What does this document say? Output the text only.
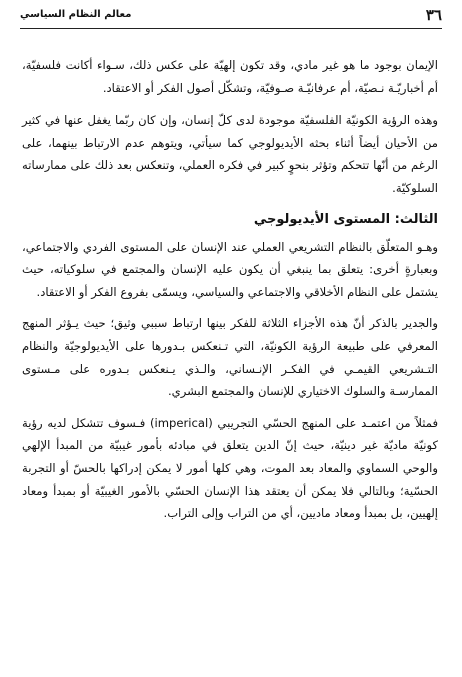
٣٦
معالم النظام السياسي

الإيمان بوجود ما هو غير مادي، وقد تكون إلهيّة على عكس ذلك، سـواء أكانت فلسفيّة، أم أخباريّـة نـصيّة، أم عرفانيّـة صـوفيّة، وتشكّل أصول الفكر أو الاعتقاد.

وهذه الرؤية الكونيّة الفلسفيّة موجودة لدى كلّ إنسان، وإن كان ربّما يغفل عنها في كثير من الأحيان أيضاً أثناء بحثه الأيديولوجي كما سيأتي، ويتوهم عدم الارتباط بينهما، على الرغم من أنّها تتحكم وتؤثر بنحوٍ كبير في فكره العملي، وتنعكس بعد ذلك على ممارساته السلوكيّة.

الثالث: المستوى الأيديولوجي

وهـو المتعلّق بالنظام التشريعي العملي عند الإنسان على المستوى الفردي والاجتماعي، وبعبارةٍ أخرى: يتعلق بما ينبغي أن يكون عليه الإنسان والمجتمع في سلوكياته، حيث يشتمل على النظام الأخلاقي والاجتماعي والسياسي، ويسمّى بفروع الفكر أو الاعتقاد.

والجدير بالذكر أنّ هذه الأجزاء الثلاثة للفكر بينها ارتباط سببي وثيق؛ حيث يـؤثر المنهج المعرفي على طبيعة الرؤية الكونيّة، التي تـنعكس بـدورها على الأيديولوجيّة والنظام التـشريعي القيمـي في الفكـر الإنـساني، والـذي يـنعكس بـدوره على مـستوى الممارسـة والسلوك الاختياري للإنسان والمجتمع البشري.

فمثلاً من اعتمـد على المنهج الحسّي التجريبي (imperical) فـسوف تتشكل لديه رؤية كونيّة ماديّة غير دينيّة، حيث إنّ الدين يتعلق في مبادئه بأمور غيبيّة من المبدأ الإلهي والوحي السماوي والمعاد بعد الموت، وهي كلها أمور لا يمكن إدراكها بالحسّ أو التجربة الحسّية؛ وبالتالي فلا يمكن أن يعتقد هذا الإنسان الحسّي بالأمور الغيبيّة أو بمبدأ ومعاد إلهيين، بل بمبدأ ومعاد ماديين، أي من التراب وإلى التراب.
